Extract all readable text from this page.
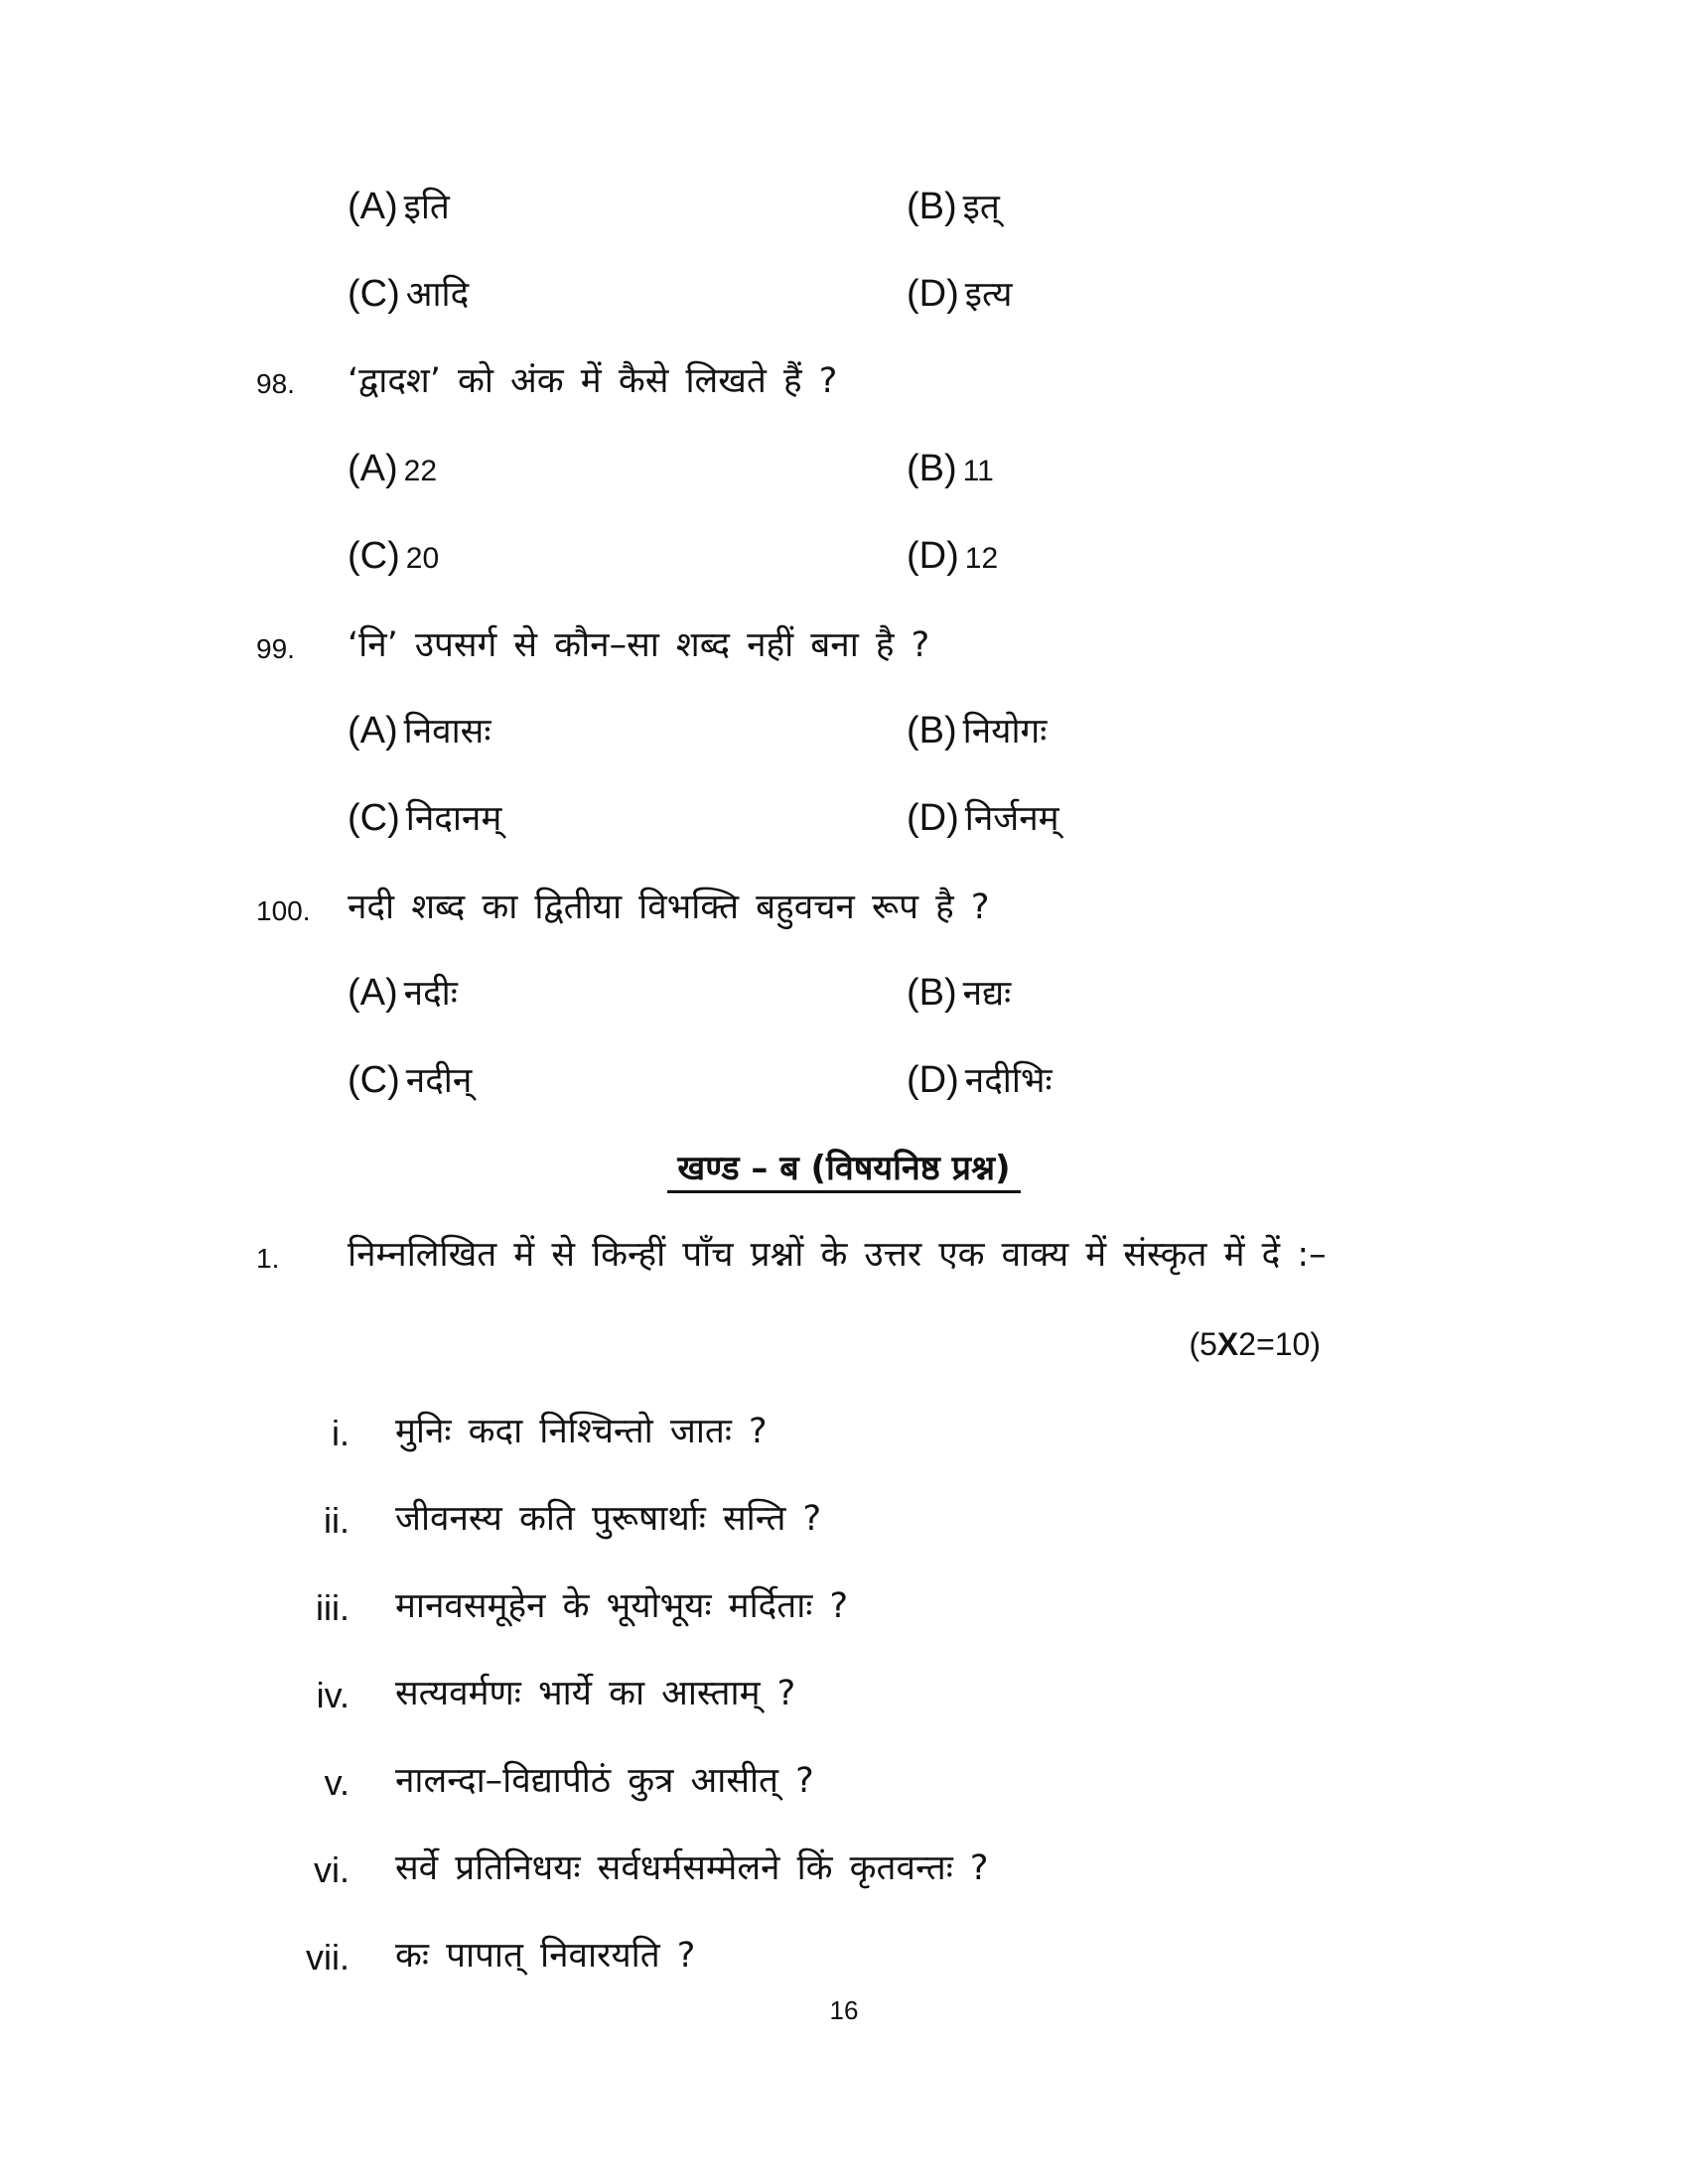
(A) इति	(B) इत्
(C) आदि	(D) इत्य
98. ‘द्वादश’ को अंक में कैसे लिखते हैं ?
(A) 22	(B) 11
(C) 20	(D) 12
99. ‘नि’ उपसर्ग से कौन–सा शब्द नहीं बना है ?
(A) निवासः	(B) नियोगः
(C) निदानम्	(D) निर्जनम्
100. नदी शब्द का द्वितीया विभक्ति बहुवचन रूप है ?
(A) नदीः	(B) नद्यः
(C) नदीन्	(D) नदीभिः
खण्ड – ब (विषयनिष्ठ प्रश्न)
1. निम्नलिखित में से किन्हीं पाँच प्रश्नों के उत्तर एक वाक्य में संस्कृत में दें :–
(5X2=10)
i. मुनिः कदा निश्चिन्तो जातः ?
ii. जीवनस्य कति पुरूषार्थाः सन्ति ?
iii. मानवसमूहेन के भूयोभूयः मर्दिताः ?
iv. सत्यवर्मणः भार्ये का आस्ताम् ?
v. नालन्दा–विद्यापीठं कुत्र आसीत् ?
vi. सर्वे प्रतिनिधयः सर्वधर्मसम्मेलने किं कृतवन्तः ?
vii. कः पापात् निवारयति ?
16
